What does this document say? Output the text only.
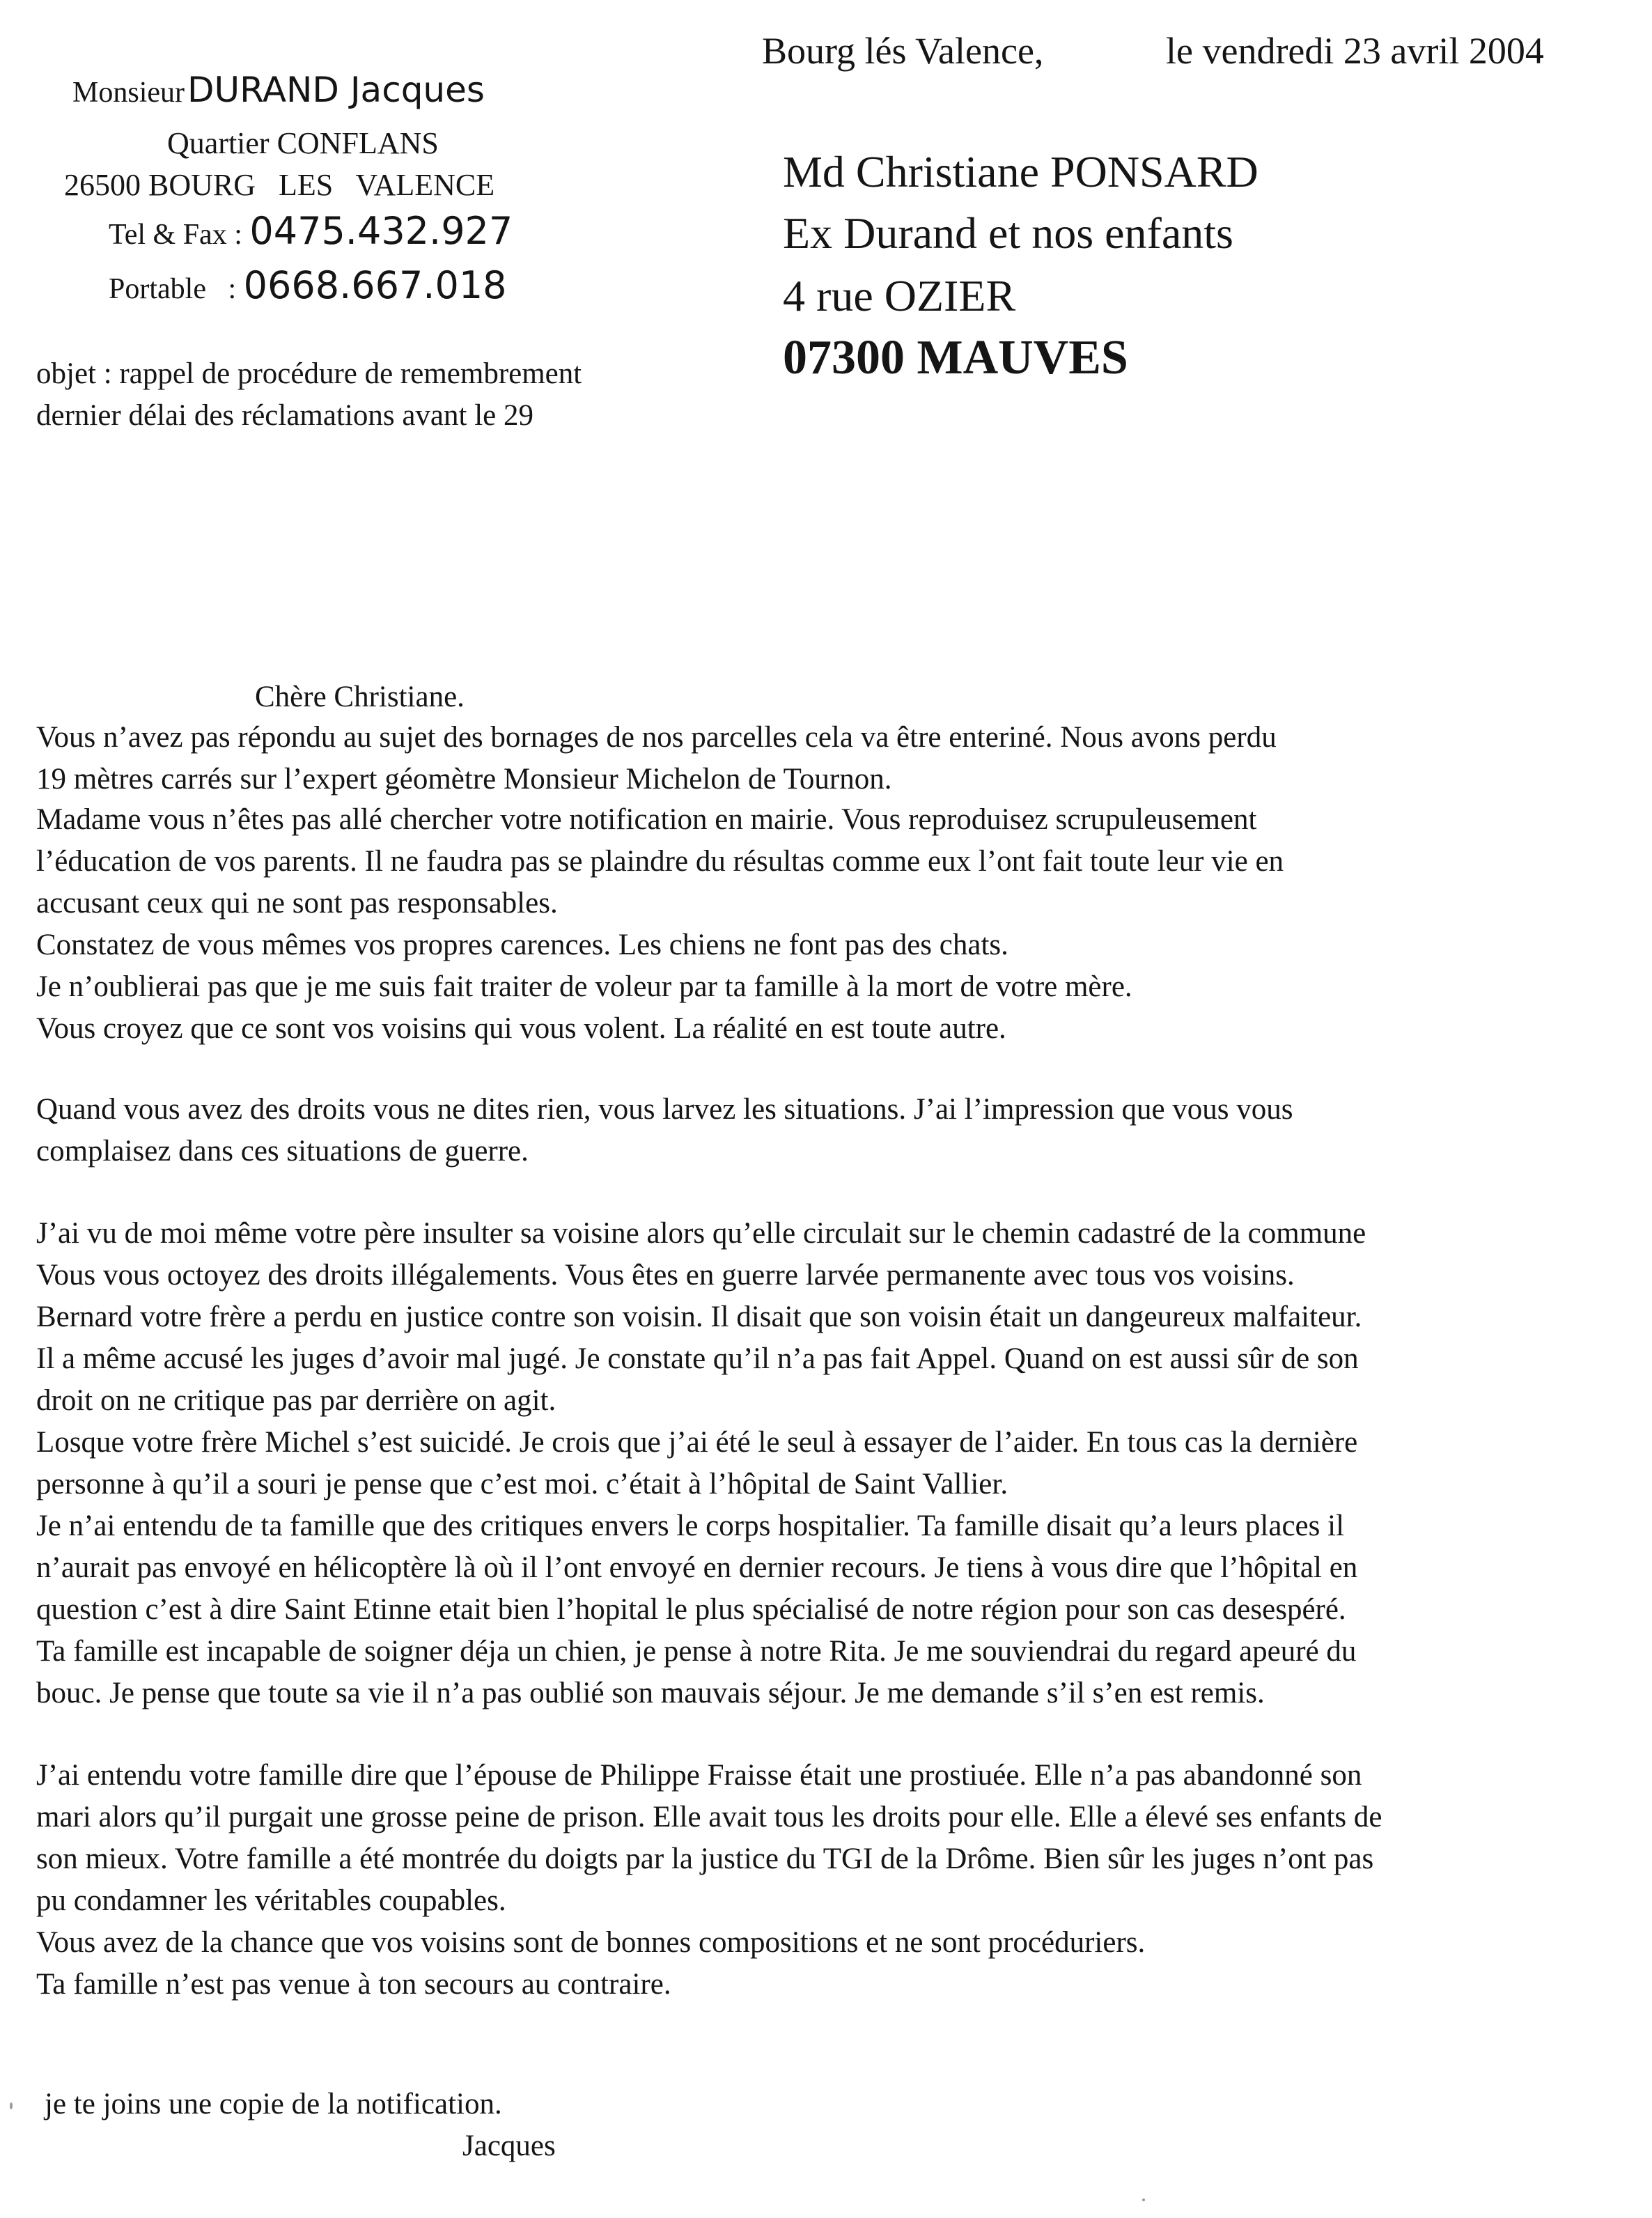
Monsieur DURAND Jacques
Quartier CONFLANS
26500 BOURG   LES   VALENCE
Tel & Fax : 0475.432.927
Portable   : 0668.667.018
Bourg lés Valence,	le vendredi 23 avril 2004
Md Christiane PONSARD
Ex Durand et nos enfants
4 rue OZIER
07300 MAUVES
objet : rappel de procédure de remembrement
dernier délai des réclamations avant le 29
Chère Christiane.
Vous n’avez pas répondu au sujet des bornages de nos parcelles cela va être enteriné. Nous avons perdu
19 mètres carrés sur l’expert géomètre Monsieur Michelon de Tournon.
Madame vous n’êtes pas allé chercher votre notification en mairie. Vous reproduisez scrupuleusement
l’éducation de vos parents. Il ne faudra pas se plaindre du résultas comme eux l’ont fait toute leur vie en
accusant ceux qui ne sont pas responsables.
Constatez de vous mêmes vos propres carences. Les chiens ne font pas des chats.
Je n’oublierai pas que je me suis fait traiter de voleur par ta famille à la mort de votre mère.
Vous croyez que ce sont vos voisins qui vous volent. La réalité en est toute autre.
Quand vous avez des droits vous ne dites rien, vous larvez les situations. J’ai l’impression que vous vous
complaisez dans ces situations de guerre.
J’ai vu de moi même votre père insulter sa voisine alors qu’elle circulait sur le chemin cadastré de la commune
Vous vous octoyez des droits illégalements. Vous êtes en guerre larvée permanente avec tous vos voisins.
Bernard votre frère a perdu en justice contre son voisin. Il disait que son voisin était un dangeureux malfaiteur.
Il a même accusé les juges d’avoir mal jugé. Je constate qu’il n’a pas fait Appel. Quand on est aussi sûr de son
droit on ne critique pas par derrière on agit.
Losque votre frère Michel s’est suicidé. Je crois que j’ai été le seul à essayer de l’aider. En tous cas la dernière
personne à qu’il a souri je pense que c’est moi. c’était à l’hôpital de Saint Vallier.
Je n’ai entendu de ta famille que des critiques envers le corps hospitalier. Ta famille disait qu’a leurs places il
n’aurait pas envoyé en hélicoptère là où il l’ont envoyé en dernier recours. Je tiens à vous dire que l’hôpital en
question c’est à dire Saint Etinne etait bien l’hopital le plus spécialisé de notre région pour son cas desespéré.
Ta famille est incapable de soigner déja un chien, je pense à notre Rita. Je me souviendrai du regard apeuré du
bouc. Je pense que toute sa vie il n’a pas oublié son mauvais séjour. Je me demande s’il s’en est remis.
J’ai entendu votre famille dire que l’épouse de Philippe Fraisse était une prostiuée. Elle n’a pas abandonné son
mari alors qu’il purgait une grosse peine de prison. Elle avait tous les droits pour elle. Elle a élevé ses enfants de
son mieux. Votre famille a été montrée du doigts par la justice du TGI de la Drôme. Bien sûr les juges n’ont pas
pu condamner les véritables coupables.
Vous avez de la chance que vos voisins sont de bonnes compositions et ne sont procéduriers.
Ta famille n’est pas venue à ton secours au contraire.
je te joins une copie de la notification.
Jacques
